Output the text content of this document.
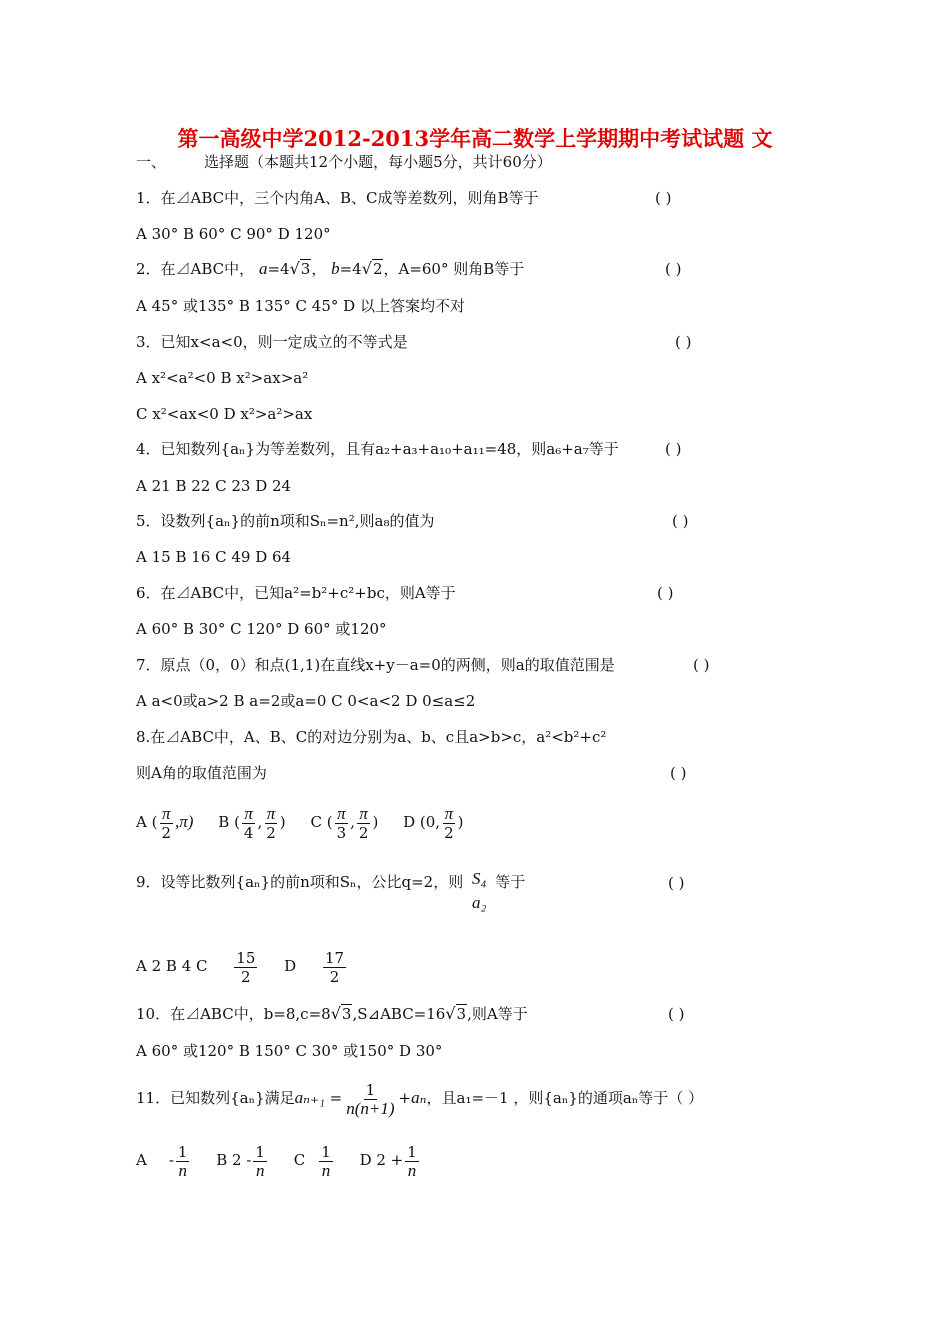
第一高级中学2012-2013学年高二数学上学期期中考试试题 文
一、	选择题（本题共12个小题，每小题5分，共计60分）
1．在⊿ABC中，三个内角A、B、C成等差数列，则角B等于	( )
A 30° B 60° C 90° D 120°
2．在⊿ABC中， a=4√3， b=4√2，A=60° 则角B等于	( )
A 45° 或135° B 135° C 45° D 以上答案均不对
3．已知x<a<0，则一定成立的不等式是	( )
A x²<a²<0 B x²>ax>a²
C x²<ax<0 D x²>a²>ax
4．已知数列{aₙ}为等差数列，且有a₂+a₃+a₁₀+a₁₁=48，则a₆+a₇等于	( )
A 21 B 22 C 23 D 24
5．设数列{aₙ}的前n项和Sₙ=n²,则a₈的值为	( )
A 15 B 16 C 49 D 64
6．在⊿ABC中，已知a²=b²+c²+bc，则A等于	( )
A 60° B 30° C 120° D 60° 或120°
7．原点（0，0）和点(1,1)在直线x+y－a=0的两侧，则a的取值范围是	( )
A a<0或a>2 B a=2或a=0 C 0<a<2 D 0≤a≤2
8.在⊿ABC中，A、B、C的对边分别为a、b、c且a>b>c，a²<b²+c²
则A角的取值范围为	( )
A ( $\frac{\pi}{2} ,\pi$) B ( $\frac{\pi}{4}$ , $\frac{\pi}{2}$ ) C ( $\frac{\pi}{3}$ , $\frac{\pi}{2}$ ) D (0, $\frac{\pi}{2}$ )
9．设等比数列{aₙ}的前n项和Sₙ，公比q=2，则 S₄
a₂
等于	( )
A 2 B 4 C $\frac{15}{2}$ D $\frac{17}{2}$
10．在⊿ABC中，b=8,c=8√3,S⊿ABC=16√3,则A等于	( )
A 60° 或120° B 150° C 30° 或150° D 30°
11．已知数列{aₙ}满足$a_{n+1} = \frac{1}{n(n+1)} +a_n$，且a₁=－1 ，则{aₙ}的通项aₙ等于（ ）
A - $\frac{1}{n}$ B $2 - \frac{1}{n}$ C $\frac{1}{n}$ D $2 + \frac{1}{n}$
